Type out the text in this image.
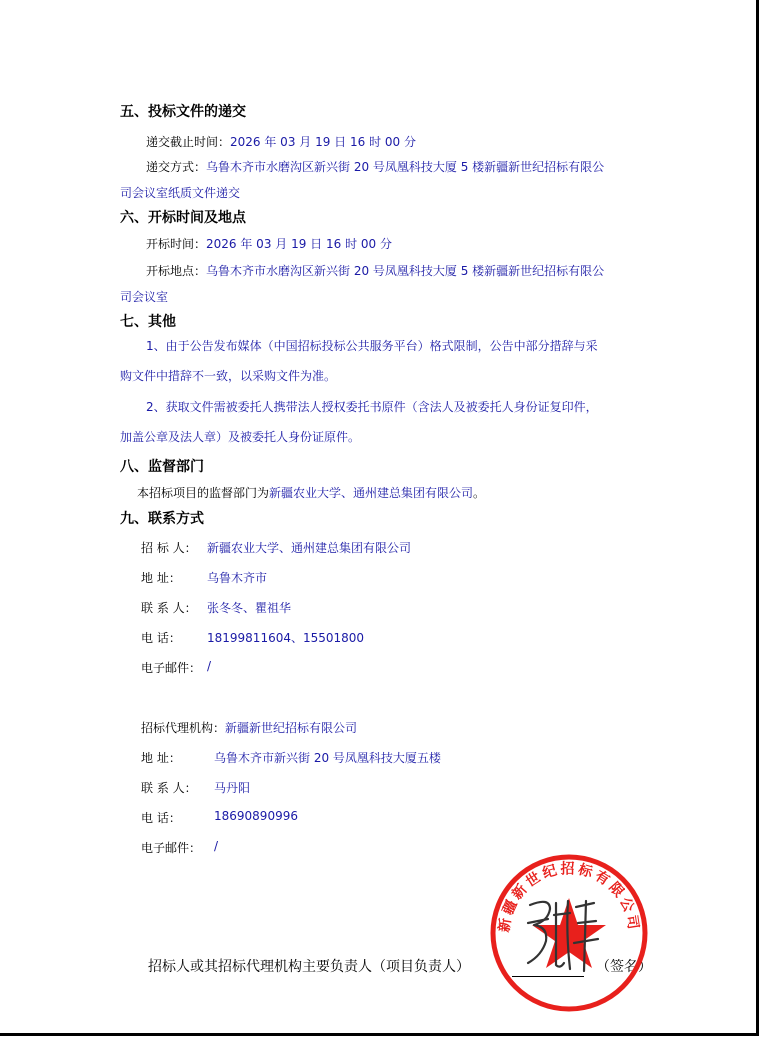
五、投标文件的递交
递交截止时间：2026 年 03 月 19 日 16 时 00 分
递交方式：乌鲁木齐市水磨沟区新兴街 20 号凤凰科技大厦 5 楼新疆新世纪招标有限公
司会议室纸质文件递交
六、开标时间及地点
开标时间：2026 年 03 月 19 日 16 时 00 分
开标地点：乌鲁木齐市水磨沟区新兴街 20 号凤凰科技大厦 5 楼新疆新世纪招标有限公
司会议室
七、其他
1、由于公告发布媒体（中国招标投标公共服务平台）格式限制，公告中部分措辞与采
购文件中措辞不一致，以采购文件为准。
2、获取文件需被委托人携带法人授权委托书原件（含法人及被委托人身份证复印件，
加盖公章及法人章）及被委托人身份证原件。
八、监督部门
本招标项目的监督部门为新疆农业大学、通州建总集团有限公司。
九、联系方式
招 标 人： 新疆农业大学、通州建总集团有限公司
地 址： 乌鲁木齐市
联 系 人： 张冬冬、瞿祖华
电 话： 18199811604、15501800
电子邮件： /
招标代理机构：新疆新世纪招标有限公司
地 址：	乌鲁木齐市新兴街 20 号凤凰科技大厦五楼
联 系 人： 马丹阳
电 话：	18690890996
电子邮件： /
招标人或其招标代理机构主要负责人（项目负责人）	（签名）
新疆新世纪招标有限公司
